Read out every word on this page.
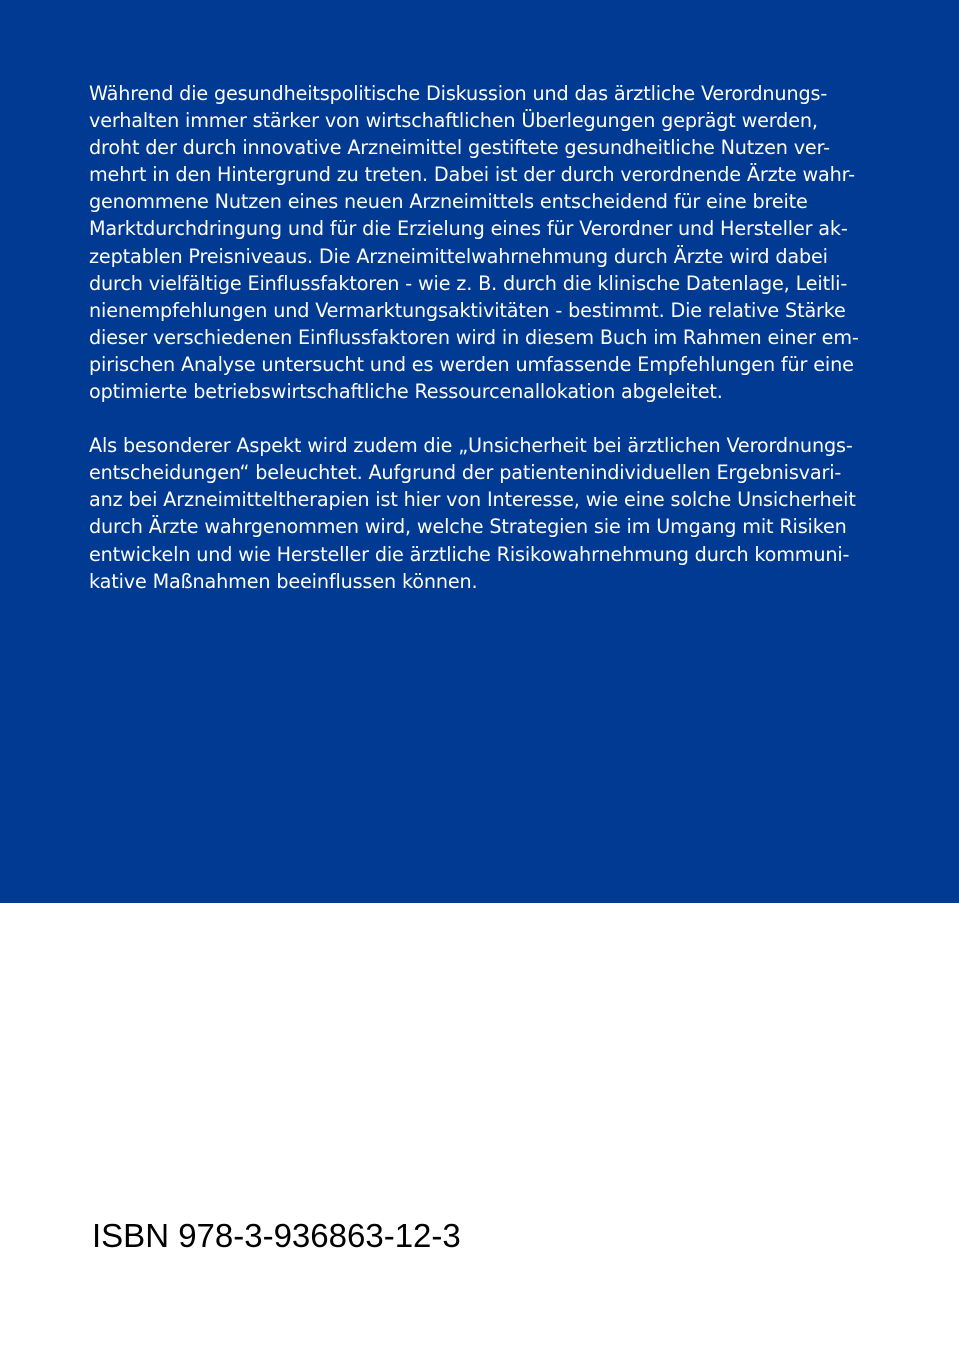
Während die gesundheitspolitische Diskussion und das ärztliche Verordnungs-
verhalten immer stärker von wirtschaftlichen Überlegungen geprägt werden,
droht der durch innovative Arzneimittel gestiftete gesundheitliche Nutzen ver-
mehrt in den Hintergrund zu treten. Dabei ist der durch verordnende Ärzte wahr-
genommene Nutzen eines neuen Arzneimittels entscheidend für eine breite
Marktdurchdringung und für die Erzielung eines für Verordner und Hersteller ak-
zeptablen Preisniveaus. Die Arzneimittelwahrnehmung durch Ärzte wird dabei
durch vielfältige Einflussfaktoren - wie z. B. durch die klinische Datenlage, Leitli-
nienempfehlungen und Vermarktungsaktivitäten - bestimmt. Die relative Stärke
dieser verschiedenen Einflussfaktoren wird in diesem Buch im Rahmen einer em-
pirischen Analyse untersucht und es werden umfassende Empfehlungen für eine
optimierte betriebswirtschaftliche Ressourcenallokation abgeleitet.
Als besonderer Aspekt wird zudem die „Unsicherheit bei ärztlichen Verordnungs-
entscheidungen“ beleuchtet. Aufgrund der patientenindividuellen Ergebnisvari-
anz bei Arzneimitteltherapien ist hier von Interesse, wie eine solche Unsicherheit
durch Ärzte wahrgenommen wird, welche Strategien sie im Umgang mit Risiken
entwickeln und wie Hersteller die ärztliche Risikowahrnehmung durch kommuni-
kative Maßnahmen beeinflussen können.
ISBN 978-3-936863-12-3
